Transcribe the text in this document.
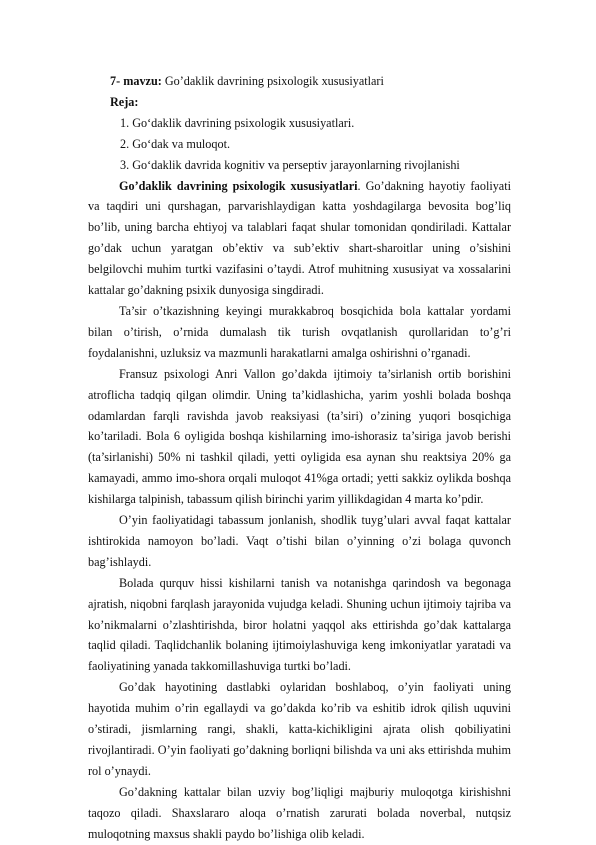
7- mavzu: Go’daklik davrining psixologik xususiyatlari
Reja:
Go‘daklik davrining psixologik xususiyatlari.
Go‘dak va muloqot.
Go‘daklik davrida kognitiv va perseptiv jarayonlarning rivojlanishi

Go’daklik davrining psixologik xususiyatlari. Go’dakning hayotiy faoliyati va taqdiri uni qurshagan, parvarishlaydigan katta yoshdagilarga bevosita bog’liq bo’lib, uning barcha ehtiyoj va talablari faqat shular tomonidan qondiriladi. Kattalar go’dak uchun yaratgan ob’ektiv va sub’ektiv shart-sharoitlar uning o’sishini belgilovchi muhim turtki vazifasini o’taydi. Atrof muhitning xususiyat va xossalarini kattalar go’dakning psixik dunyosiga singdiradi.

Ta’sir o’tkazishning keyingi murakkabroq bosqichida bola kattalar yordami bilan o’tirish, o’rnida dumalash tik turish ovqatlanish qurollaridan to’g’ri foydalanishni, uzluksiz va mazmunli harakatlarni amalga oshirishni o’rganadi.

Fransuz psixologi Anri Vallon go’dakda ijtimoiy ta’sirlanish ortib borishini atroflicha tadqiq qilgan olimdir. Uning ta’kidlashicha, yarim yoshli bolada boshqa odamlardan farqli ravishda javob reaksiyasi (ta’siri) o’zining yuqori bosqichiga ko’tariladi. Bola 6 oyligida boshqa kishilarning imo-ishorasiz ta’siriga javob berishi (ta’sirlanishi) 50% ni tashkil qiladi, yetti oyligida esa aynan shu reaktsiya 20% ga kamayadi, ammo imo-shora orqali muloqot 41%ga ortadi; yetti sakkiz oylikda boshqa kishilarga talpinish, tabassum qilish birinchi yarim yillikdagidan 4 marta ko’pdir.

O’yin faoliyatidagi tabassum jonlanish, shodlik tuyg’ulari avval faqat kattalar ishtirokida namoyon bo’ladi. Vaqt o’tishi bilan o’yinning o’zi bolaga quvonch bag’ishlaydi.

Bolada qurquv hissi kishilarni tanish va notanishga qarindosh va begonaga ajratish, niqobni farqlash jarayonida vujudga keladi. Shuning uchun ijtimoiy tajriba va ko’nikmalarni o’zlashtirishda, biror holatni yaqqol aks ettirishda go’dak kattalarga taqlid qiladi. Taqlidchanlik bolaning ijtimoiylashuviga keng imkoniyatlar yaratadi va faoliyatining yanada takkomillashuviga turtki bo’ladi.

Go’dak hayotining dastlabki oylaridan boshlaboq, o’yin faoliyati uning hayotida muhim o’rin egallaydi va go’dakda ko’rib va eshitib idrok qilish uquvini o’stiradi, jismlarning rangi, shakli, katta-kichikligini ajrata olish qobiliyatini rivojlantiradi. O’yin faoliyati go’dakning borliqni bilishda va uni aks ettirishda muhim rol o’ynaydi.

Go’dakning kattalar bilan uzviy bog’liqligi majburiy muloqotga kirishishni taqozo qiladi. Shaxslararo aloqa o’rnatish zarurati bolada noverbal, nutqsiz muloqotning maxsus shakli paydo bo’lishiga olib keladi.
